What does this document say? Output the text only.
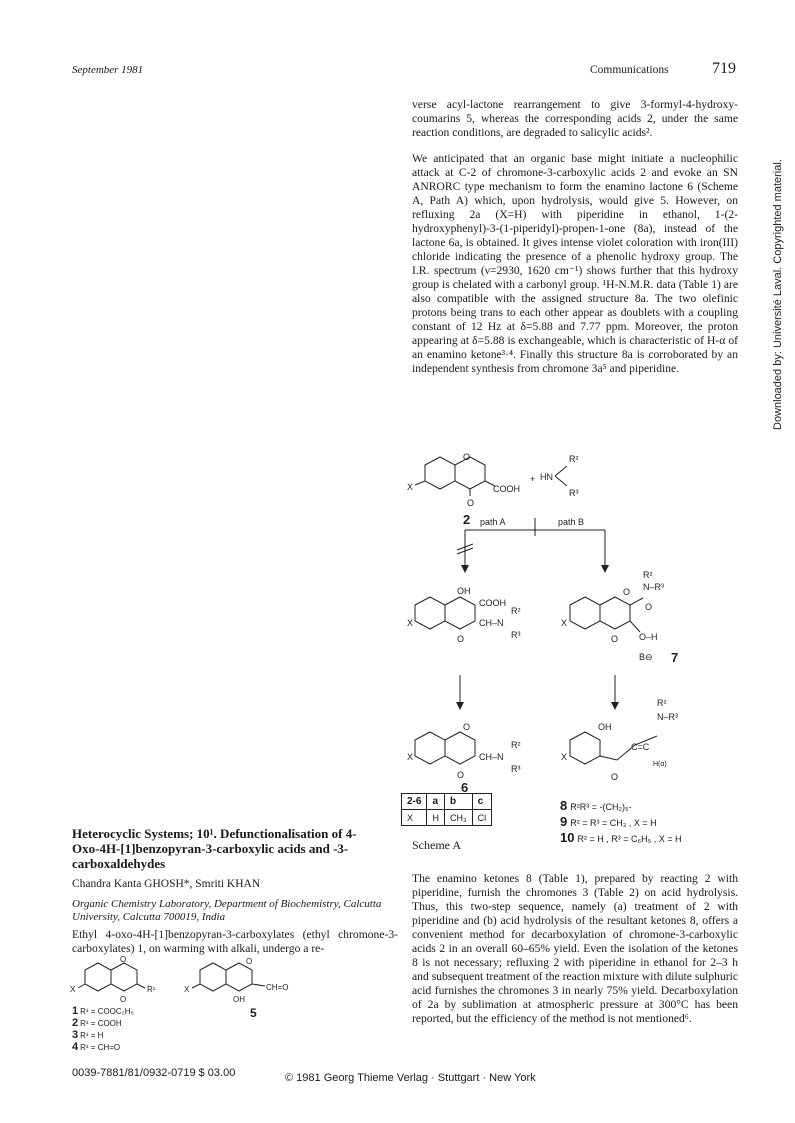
September 1981	Communications	719
verse acyl-lactone rearrangement to give 3-formyl-4-hydroxy-coumarins 5, whereas the corresponding acids 2, under the same reaction conditions, are degraded to salicylic acids².
We anticipated that an organic base might initiate a nucleophilic attack at C-2 of chromone-3-carboxylic acids 2 and evoke an SN ANRORC type mechanism to form the enamino lactone 6 (Scheme A, Path A) which, upon hydrolysis, would give 5. However, on refluxing 2a (X=H) with piperidine in ethanol, 1-(2-hydroxyphenyl)-3-(1-piperidyl)-propen-1-one (8a), instead of the lactone 6a, is obtained. It gives intense violet coloration with iron(III) chloride indicating the presence of a phenolic hydroxy group. The I.R. spectrum (ν=2930, 1620 cm⁻¹) shows further that this hydroxy group is chelated with a carbonyl group. ¹H-N.M.R. data (Table 1) are also compatible with the assigned structure 8a. The two olefinic protons being trans to each other appear as doublets with a coupling constant of 12 Hz at δ=5.88 and 7.77 ppm. Moreover, the proton appearing at δ=5.88 is exchangeable, which is characteristic of H-α of an enamino ketone³·⁴. Finally this structure 8a is corroborated by an independent synthesis from chromone 3a⁵ and piperidine.
The enamino ketones 8 (Table 1), prepared by reacting 2 with piperidine, furnish the chromones 3 (Table 2) on acid hydrolysis. Thus, this two-step sequence, namely (a) treatment of 2 with piperidine and (b) acid hydrolysis of the resultant ketones 8, offers a convenient method for decarboxylation of chromone-3-carboxylic acids 2 in an overall 60–65% yield. Even the isolation of the ketones 8 is not necessary; refluxing 2 with piperidine in ethanol for 2–3 h and subsequent treatment of the reaction mixture with dilute sulphuric acid furnishes the chromones 3 in nearly 75% yield. Decarboxylation of 2a by sublimation at atmospheric pressure at 300°C has been reported, but the efficiency of the method is not mentioned⁶.
Downloaded by: Université Laval. Copyrighted material.
X
O
COOH
O
2
+ HN
R²
R³
path A	path B
X
OH
COOH
CH–N
R²
R³
O
X
O N–R³
R²
O
O–H
O
B⊖ 7
X
O
CH–N
R²
R³
O
6
X
OH
C=C
N–R³
R²
H(α)
O
2-6	a	b	c
X	H	CH₃	Cl
8 R²R³ = -(CH₂)₅-
9 R² = R³ = CH₃ , X = H
10 R² = H , R³ = C₆H₅ , X = H
Scheme A
Heterocyclic Systems; 10¹. Defunctionalisation of 4-Oxo-4H-[1]benzopyran-3-carboxylic acids and -3-carboxaldehydes
Chandra Kanta GHOSH*, Smriti KHAN
Organic Chemistry Laboratory, Department of Biochemistry, Calcutta University, Calcutta 700019, India
Ethyl 4-oxo-4H-[1]benzopyran-3-carboxylates (ethyl chromone-3-carboxylates) 1, on warming with alkali, undergo a re-
X
O
R¹
O
X
O
CH=O
OH
5
1 R¹ = COOC₂H₅
2 R¹ = COOH
3 R¹ = H
4 R¹ = CH=O
0039-7881/81/0932-0719 $ 03.00	© 1981 Georg Thieme Verlag · Stuttgart · New York
